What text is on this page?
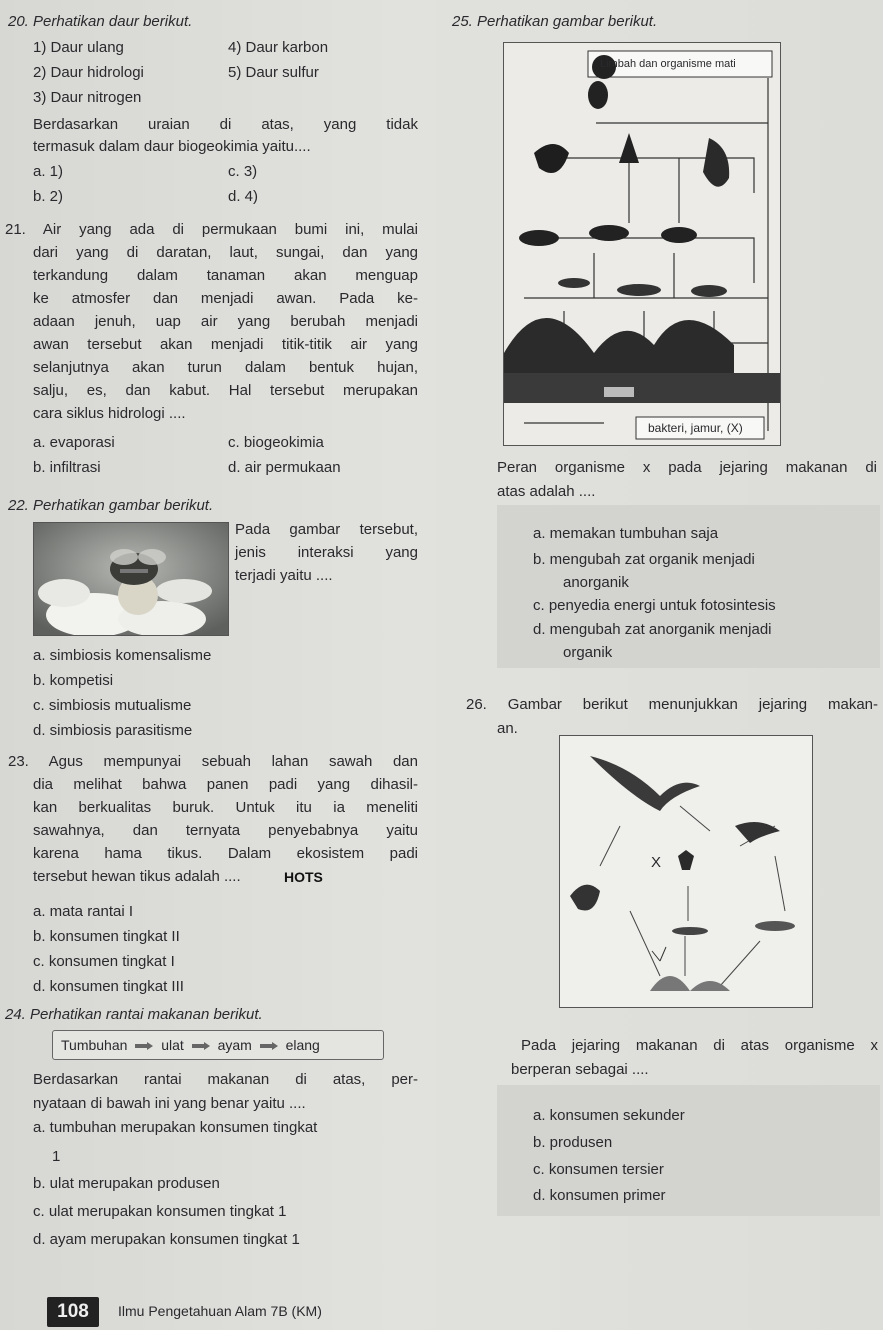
20. Perhatikan daur berikut.
1) Daur ulang	4) Daur karbon
2) Daur hidrologi	5) Daur sulfur
3) Daur nitrogen
Berdasarkan uraian di atas, yang tidak
termasuk dalam daur biogeokimia yaitu....
a. 1)	c. 3)
b. 2)	d. 4)
21. Air yang ada di permukaan bumi ini, mulai
dari yang di daratan, laut, sungai, dan yang
terkandung dalam tanaman akan menguap
ke atmosfer dan menjadi awan. Pada ke-
adaan jenuh, uap air yang berubah menjadi
awan tersebut akan menjadi titik-titik air yang
selanjutnya akan turun dalam bentuk hujan,
salju, es, dan kabut. Hal tersebut merupakan
cara siklus hidrologi ....
a. evaporasi	c. biogeokimia
b. infiltrasi	d. air permukaan
22. Perhatikan gambar berikut.
Pada gambar tersebut,
jenis interaksi yang
terjadi yaitu ....
a. simbiosis komensalisme
b. kompetisi
c. simbiosis mutualisme
d. simbiosis parasitisme
23. Agus mempunyai sebuah lahan sawah dan
dia melihat bahwa panen padi yang dihasil-
kan berkualitas buruk. Untuk itu ia meneliti
sawahnya, dan ternyata penyebabnya yaitu
karena hama tikus. Dalam ekosistem padi
tersebut hewan tikus adalah ....	HOTS
a. mata rantai I
b. konsumen tingkat II
c. konsumen tingkat I
d. konsumen tingkat III
24. Perhatikan rantai makanan berikut.
Tumbuhan ulat ayam elang
Berdasarkan rantai makanan di atas, per-
nyataan di bawah ini yang benar yaitu ....
a. tumbuhan merupakan konsumen tingkat
1
b. ulat merupakan produsen
c. ulat merupakan konsumen tingkat 1
d. ayam merupakan konsumen tingkat 1
25. Perhatikan gambar berikut.
Limbah dan organisme mati
bakteri, jamur, (X)
Peran organisme x pada jejaring makanan di
atas adalah ....
a. memakan tumbuhan saja
b. mengubah zat organik menjadi
anorganik
c. penyedia energi untuk fotosintesis
d. mengubah zat anorganik menjadi
organik
26. Gambar berikut menunjukkan jejaring makan-
an.
X
Pada jejaring makanan di atas organisme x
berperan sebagai ....
a. konsumen sekunder
b. produsen
c. konsumen tersier
d. konsumen primer
108	Ilmu Pengetahuan Alam 7B (KM)
